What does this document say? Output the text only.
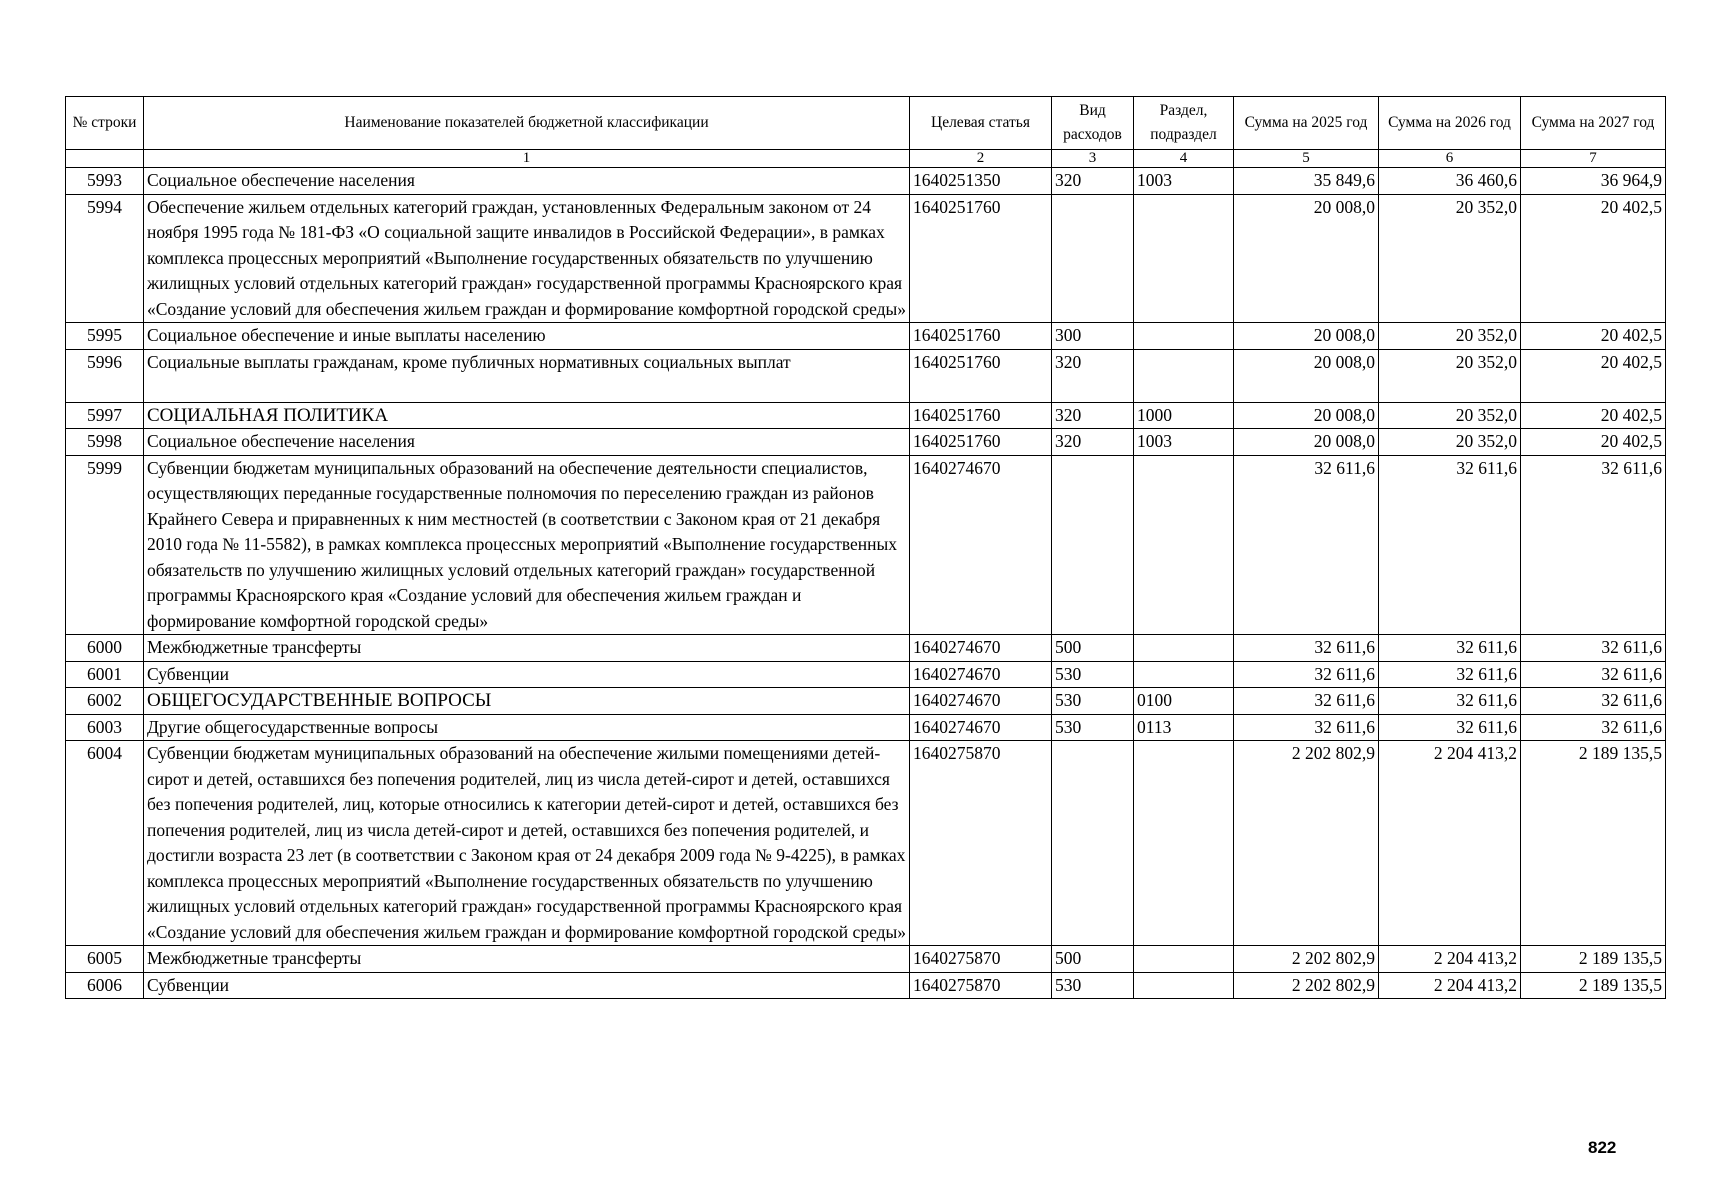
№ строки	Наименование показателей бюджетной классификации	Целевая статья	Вид расходов	Раздел, подраздел	Сумма на 2025 год	Сумма на 2026 год	Сумма на 2027 год
	1	2	3	4	5	6	7
5993	Социальное обеспечение населения	1640251350	320	1003	35 849,6	36 460,6	36 964,9
5994	Обеспечение жильем отдельных категорий граждан, установленных Федеральным законом от 24 ноября 1995 года № 181-ФЗ «О социальной защите инвалидов в Российской Федерации», в рамках комплекса процессных мероприятий «Выполнение государственных обязательств по улучшению жилищных условий отдельных категорий граждан» государственной программы Красноярского края «Создание условий для обеспечения жильем граждан и формирование комфортной городской среды»	1640251760			20 008,0	20 352,0	20 402,5
5995	Социальное обеспечение и иные выплаты населению	1640251760	300		20 008,0	20 352,0	20 402,5
5996	Социальные выплаты гражданам, кроме публичных нормативных социальных выплат	1640251760	320		20 008,0	20 352,0	20 402,5
5997	СОЦИАЛЬНАЯ ПОЛИТИКА	1640251760	320	1000	20 008,0	20 352,0	20 402,5
5998	Социальное обеспечение населения	1640251760	320	1003	20 008,0	20 352,0	20 402,5
5999	Субвенции бюджетам муниципальных образований на обеспечение деятельности специалистов, осуществляющих переданные государственные полномочия по переселению граждан из районов Крайнего Севера и приравненных к ним местностей (в соответствии с Законом края от 21 декабря 2010 года № 11-5582), в рамках комплекса процессных мероприятий «Выполнение государственных обязательств по улучшению жилищных условий отдельных категорий граждан» государственной программы Красноярского края «Создание условий для обеспечения жильем граждан и формирование комфортной городской среды»	1640274670			32 611,6	32 611,6	32 611,6
6000	Межбюджетные трансферты	1640274670	500		32 611,6	32 611,6	32 611,6
6001	Субвенции	1640274670	530		32 611,6	32 611,6	32 611,6
6002	ОБЩЕГОСУДАРСТВЕННЫЕ ВОПРОСЫ	1640274670	530	0100	32 611,6	32 611,6	32 611,6
6003	Другие общегосударственные вопросы	1640274670	530	0113	32 611,6	32 611,6	32 611,6
6004	Субвенции бюджетам муниципальных образований на обеспечение жилыми помещениями детей-сирот и детей, оставшихся без попечения родителей, лиц из числа детей-сирот и детей, оставшихся без попечения родителей, лиц, которые относились к категории детей-сирот и детей, оставшихся без попечения родителей, лиц из числа детей-сирот и детей, оставшихся без попечения родителей, и достигли возраста 23 лет (в соответствии с Законом края от 24 декабря 2009 года № 9-4225), в рамках комплекса процессных мероприятий «Выполнение государственных обязательств по улучшению жилищных условий отдельных категорий граждан» государственной программы Красноярского края «Создание условий для обеспечения жильем граждан и формирование комфортной городской среды»	1640275870			2 202 802,9	2 204 413,2	2 189 135,5
6005	Межбюджетные трансферты	1640275870	500		2 202 802,9	2 204 413,2	2 189 135,5
6006	Субвенции	1640275870	530		2 202 802,9	2 204 413,2	2 189 135,5
822
